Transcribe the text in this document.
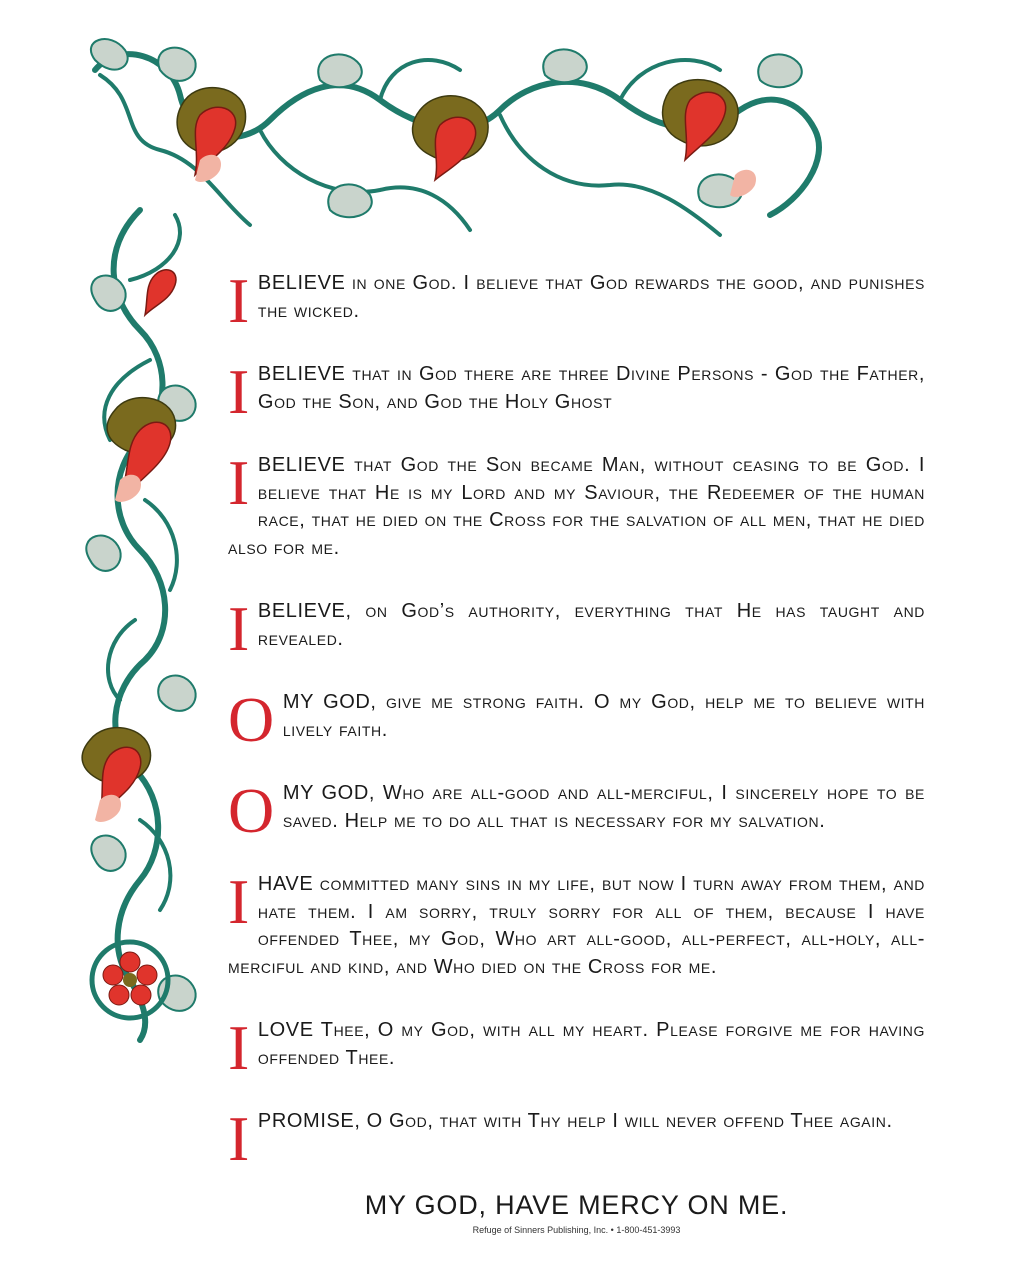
IBELIEVE in one God. I believe that God rewards the good, and punishes the wicked.
IBELIEVE that in God there are three Divine Persons - God the Father, God the Son, and God the Holy Ghost
IBELIEVE that God the Son became Man, without ceasing to be God. I believe that He is my Lord and my Saviour, the Redeemer of the human race, that he died on the Cross for the salvation of all men, that he died also for me.
IBELIEVE, on God’s authority, everything that He has taught and revealed.
OMY GOD, give me strong faith. O my God, help me to believe with lively faith.
OMY GOD, Who are all-good and all-merciful, I sincerely hope to be saved. Help me to do all that is necessary for my salvation.
IHAVE committed many sins in my life, but now I turn away from them, and hate them. I am sorry, truly sorry for all of them, because I have offended Thee, my God, Who art all-good, all-perfect, all-holy, all-merciful and kind, and Who died on the Cross for me.
ILOVE Thee, O my God, with all my heart. Please forgive me for having offended Thee.
IPROMISE, O God, that with Thy help I will never offend Thee again.
MY GOD, HAVE MERCY ON ME.
Refuge of Sinners Publishing, Inc. • 1-800-451-3993
